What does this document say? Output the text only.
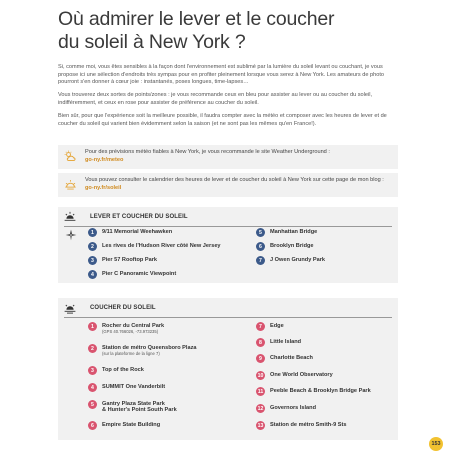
Où admirer le lever et le coucher
du soleil à New York ?

Si, comme moi, vous êtes sensibles à la façon dont l'environnement est sublimé par la lumière du soleil levant ou couchant, je vous propose ici une sélection d'endroits très sympas pour en profiter pleinement lorsque vous serez à New York. Les amateurs de photo pourront s'en donner à cœur joie : instantanés, poses longues, time-lapses…

Vous trouverez deux sortes de points/zones : je vous recommande ceux en bleu pour assister au lever ou au coucher du soleil, indifféremment, et ceux en rose pour assister de préférence au coucher du soleil.

Bien sûr, pour que l'expérience soit la meilleure possible, il faudra compter avec la météo et composer avec les heures de lever et de coucher du soleil qui varient bien évidemment selon la saison (et ne sont pas les mêmes qu'en France!).

Pour des prévisions météo fiables à New York, je vous recommande le site Weather Underground :
go-ny.fr/meteo
Vous pouvez consulter le calendrier des heures de lever et de coucher du soleil à New York sur cette page de mon blog : go-ny.fr/soleil
LEVER ET COUCHER DU SOLEIL
1	9/11 Memorial Weehawken
2	Les rives de l'Hudson River côté New Jersey
3	Pier 57 Rooftop Park
4	Pier C Panoramic Viewpoint
5	Manhattan Bridge
6	Brooklyn Bridge
7	J Owen Grundy Park
COUCHER DU SOLEIL
1	Rocher du Central Park
(GPS 40.766026, -73.973235)
2	Station de métro Queensboro Plaza
(sur la plateforme de la ligne 7)
3	Top of the Rock
4	SUMMIT One Vanderbilt
5	Gantry Plaza State Park
& Hunter's Point South Park
6	Empire State Building
7	Edge
8	Little Island
9	Charlotte Beach
10 One World Observatory
11	Peeble Beach & Brooklyn Bridge Park
12 Governors Island
13 Station de métro Smith-9 Sts
153
